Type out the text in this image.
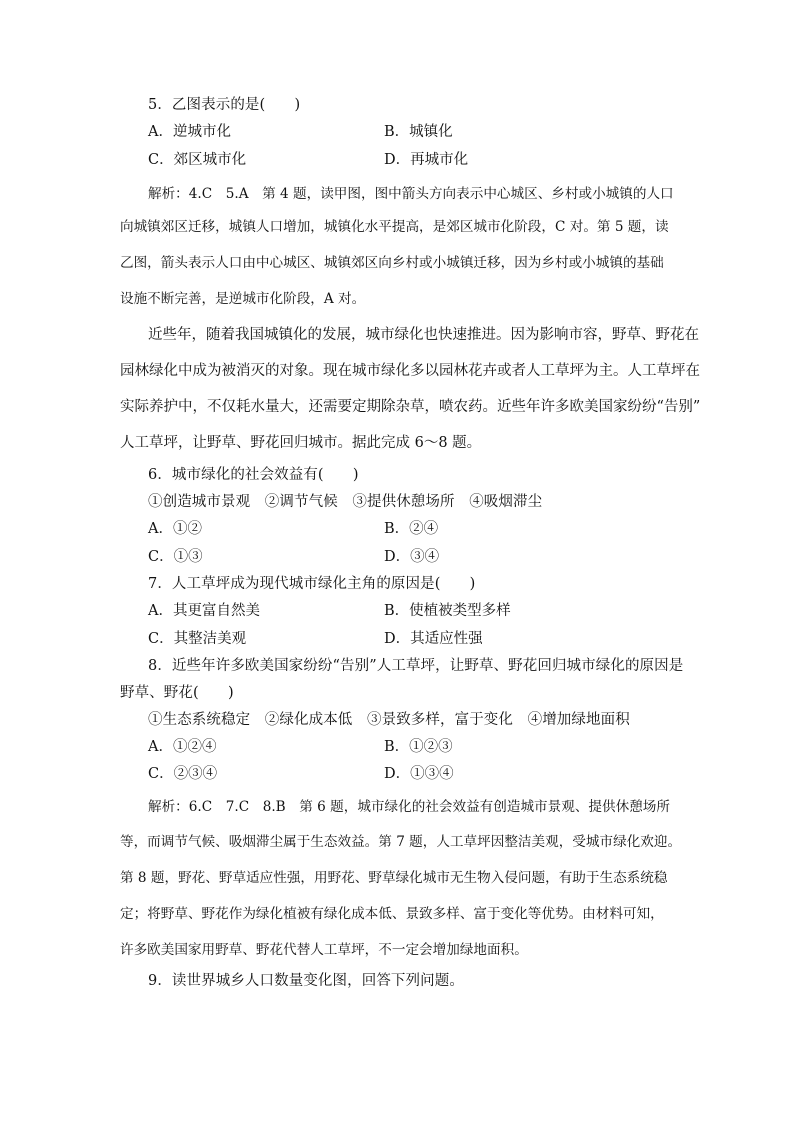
5．乙图表示的是(　　)
A．逆城市化	B．城镇化
C．郊区城市化	D．再城市化
解析：4.C　5.A　第 4 题，读甲图，图中箭头方向表示中心城区、乡村或小城镇的人口
向城镇郊区迁移，城镇人口增加，城镇化水平提高，是郊区城市化阶段，C 对。第 5 题，读
乙图，箭头表示人口由中心城区、城镇郊区向乡村或小城镇迁移，因为乡村或小城镇的基础
设施不断完善，是逆城市化阶段，A 对。
近些年，随着我国城镇化的发展，城市绿化也快速推进。因为影响市容，野草、野花在
园林绿化中成为被消灭的对象。现在城市绿化多以园林花卉或者人工草坪为主。人工草坪在
实际养护中，不仅耗水量大，还需要定期除杂草，喷农药。近些年许多欧美国家纷纷“告别”
人工草坪，让野草、野花回归城市。据此完成 6～8 题。
6．城市绿化的社会效益有(　　)
①创造城市景观　②调节气候　③提供休憩场所　④吸烟滞尘
A．①②	B．②④
C．①③	D．③④
7．人工草坪成为现代城市绿化主角的原因是(　　)
A．其更富自然美	B．使植被类型多样
C．其整洁美观	D．其适应性强
8．近些年许多欧美国家纷纷“告别”人工草坪，让野草、野花回归城市绿化的原因是
野草、野花(　　)
①生态系统稳定　②绿化成本低　③景致多样，富于变化　④增加绿地面积
A．①②④	B．①②③
C．②③④	D．①③④
解析：6.C　7.C　8.B　第 6 题，城市绿化的社会效益有创造城市景观、提供休憩场所
等，而调节气候、吸烟滞尘属于生态效益。第 7 题，人工草坪因整洁美观，受城市绿化欢迎。
第 8 题，野花、野草适应性强，用野花、野草绿化城市无生物入侵问题，有助于生态系统稳
定；将野草、野花作为绿化植被有绿化成本低、景致多样、富于变化等优势。由材料可知，
许多欧美国家用野草、野花代替人工草坪，不一定会增加绿地面积。
9．读世界城乡人口数量变化图，回答下列问题。
